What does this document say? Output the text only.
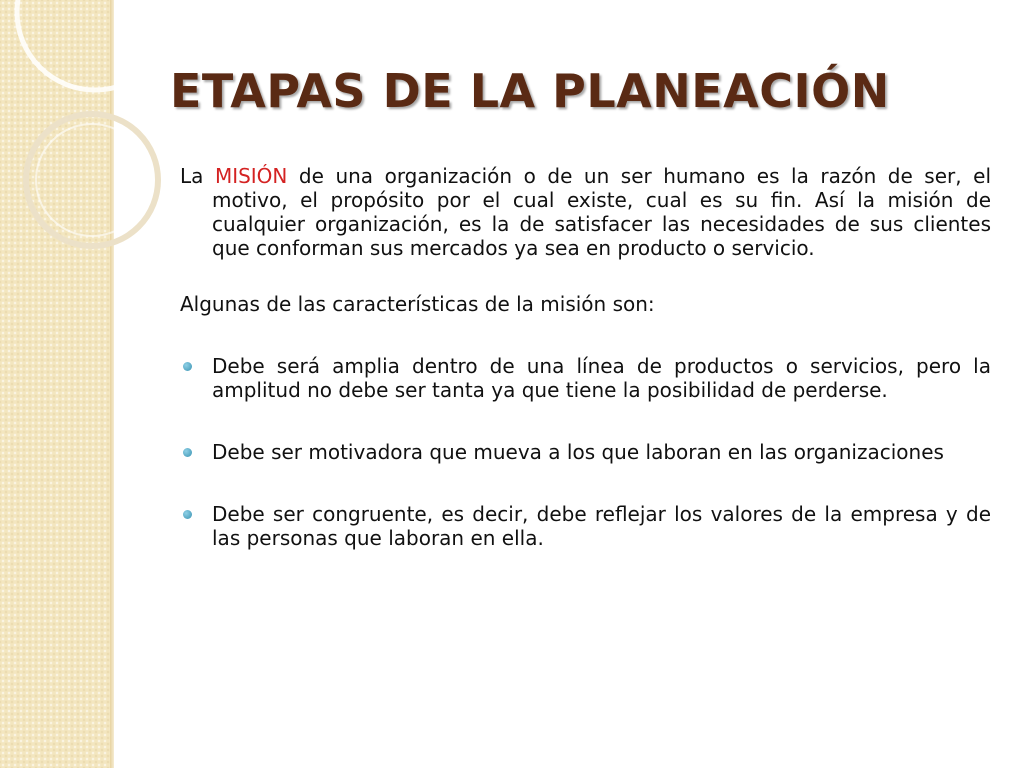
ETAPAS DE LA PLANEACIÓN

La MISIÓN de una organización o de un ser humano es la razón de ser, el motivo, el propósito por el cual existe, cual es su fin. Así la misión de cualquier organización, es la de satisfacer las necesidades de sus clientes que conforman sus mercados ya sea en producto o servicio.

Algunas de las características de la misión son:

Debe será amplia dentro de una línea de productos o servicios, pero la amplitud no debe ser tanta ya que tiene la posibilidad de perderse.
Debe ser motivadora que mueva a los que laboran en las organizaciones
Debe ser congruente, es decir, debe reflejar los valores de la empresa y de las personas que laboran en ella.
